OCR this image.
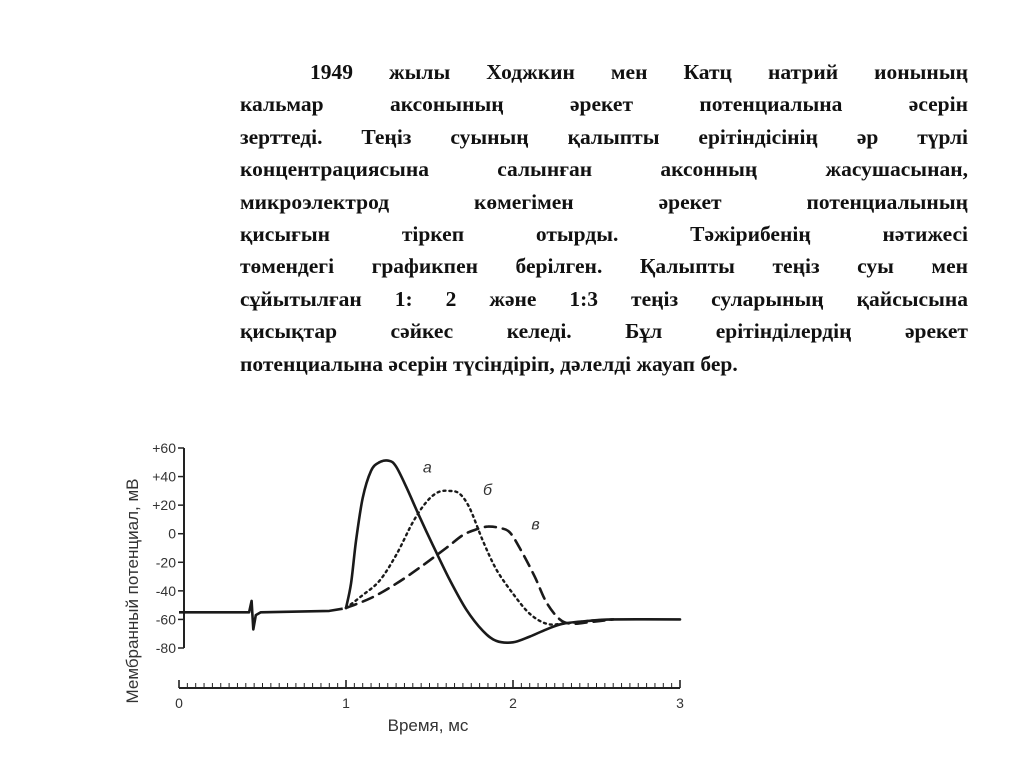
1949 жылы Ходжкин мен Катц натрий ионының
кальмар аксонының әрекет потенциалына әсерін
зерттеді. Теңіз суының қалыпты ерітіндісінің әр түрлі
концентрациясына салынған аксонның жасушасынан,
микроэлектрод көмегімен әрекет потенциалының
қисығын тіркеп отырды. Тәжірибенің нәтижесі
төмендегі графикпен берілген. Қалыпты теңіз суы мен
сұйытылған 1: 2 және 1:3 теңіз суларының қайсысына
қисықтар сәйкес келеді. Бұл ерітінділердің әрекет
потенциалына әсерін түсіндіріп, дәлелді жауап бер.
+60
+40
+20
0
-20
-40
-60
-80
0	1	2	3
а
б
в
Мембранный потенциал, мВ
Время, мс
